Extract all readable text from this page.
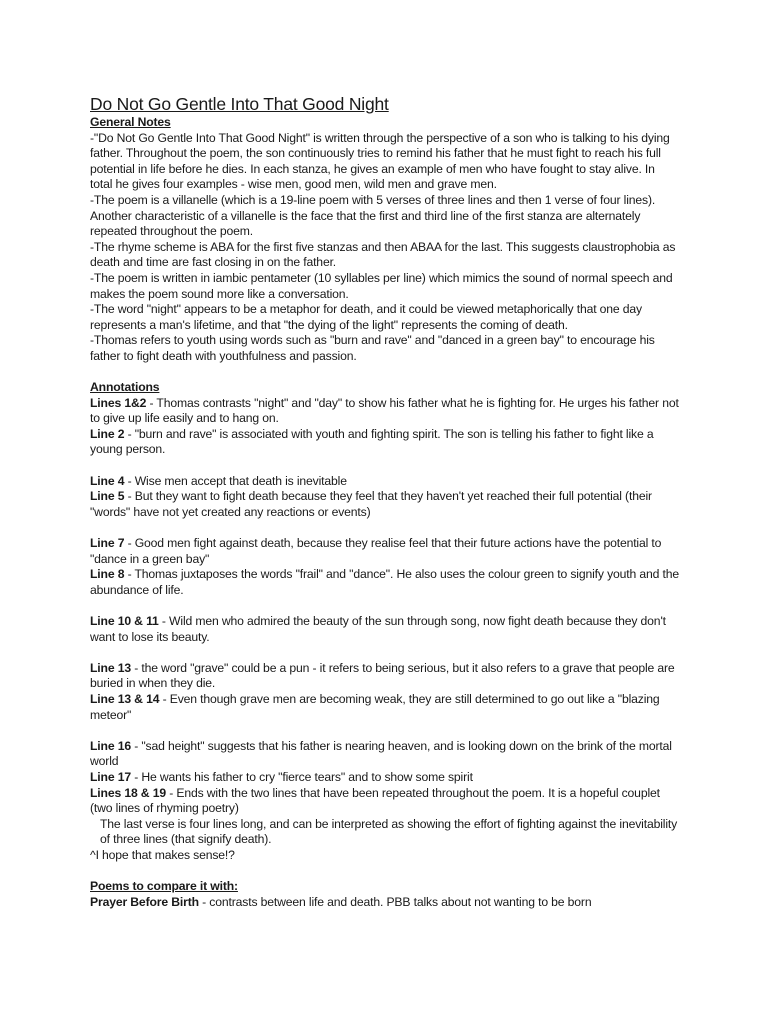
Do Not Go Gentle Into That Good Night
General Notes

-"Do Not Go Gentle Into That Good Night" is written through the perspective of a son who is talking to his dying father. Throughout the poem, the son continuously tries to remind his father that he must fight to reach his full potential in life before he dies. In each stanza, he gives an example of men who have fought to stay alive. In total he gives four examples - wise men, good men, wild men and grave men.

-The poem is a villanelle (which is a 19-line poem with 5 verses of three lines and then 1 verse of four lines). Another characteristic of a villanelle is the face that the first and third line of the first stanza are alternately repeated throughout the poem.

-The rhyme scheme is ABA for the first five stanzas and then ABAA for the last. This suggests claustrophobia as death and time are fast closing in on the father.

-The poem is written in iambic pentameter (10 syllables per line) which mimics the sound of normal speech and makes the poem sound more like a conversation.

-The word "night" appears to be a metaphor for death, and it could be viewed metaphorically that one day represents a man's lifetime, and that "the dying of the light" represents the coming of death.

-Thomas refers to youth using words such as "burn and rave" and "danced in a green bay" to encourage his father to fight death with youthfulness and passion.

Annotations

Lines 1&2 - Thomas contrasts "night" and "day" to show his father what he is fighting for. He urges his father not to give up life easily and to hang on.

Line 2 - "burn and rave" is associated with youth and fighting spirit. The son is telling his father to fight like a young person.

Line 4 - Wise men accept that death is inevitable

Line 5 - But they want to fight death because they feel that they haven't yet reached their full potential (their "words" have not yet created any reactions or events)

Line 7 - Good men fight against death, because they realise feel that their future actions have the potential to "dance in a green bay"

Line 8 - Thomas juxtaposes the words "frail" and "dance". He also uses the colour green to signify youth and the abundance of life.

Line 10 & 11 - Wild men who admired the beauty of the sun through song, now fight death because they don't want to lose its beauty.

Line 13 - the word "grave" could be a pun - it refers to being serious, but it also refers to a grave that people are buried in when they die.

Line 13 & 14 - Even though grave men are becoming weak, they are still determined to go out like a "blazing meteor"

Line 16 - "sad height" suggests that his father is nearing heaven, and is looking down on the brink of the mortal world

Line 17 - He wants his father to cry "fierce tears" and to show some spirit

Lines 18 & 19 - Ends with the two lines that have been repeated throughout the poem. It is a hopeful couplet (two lines of rhyming poetry)

The last verse is four lines long, and can be interpreted as showing the effort of fighting against the inevitability of three lines (that signify death).

^I hope that makes sense!?

Poems to compare it with:

Prayer Before Birth - contrasts between life and death. PBB talks about not wanting to be born
